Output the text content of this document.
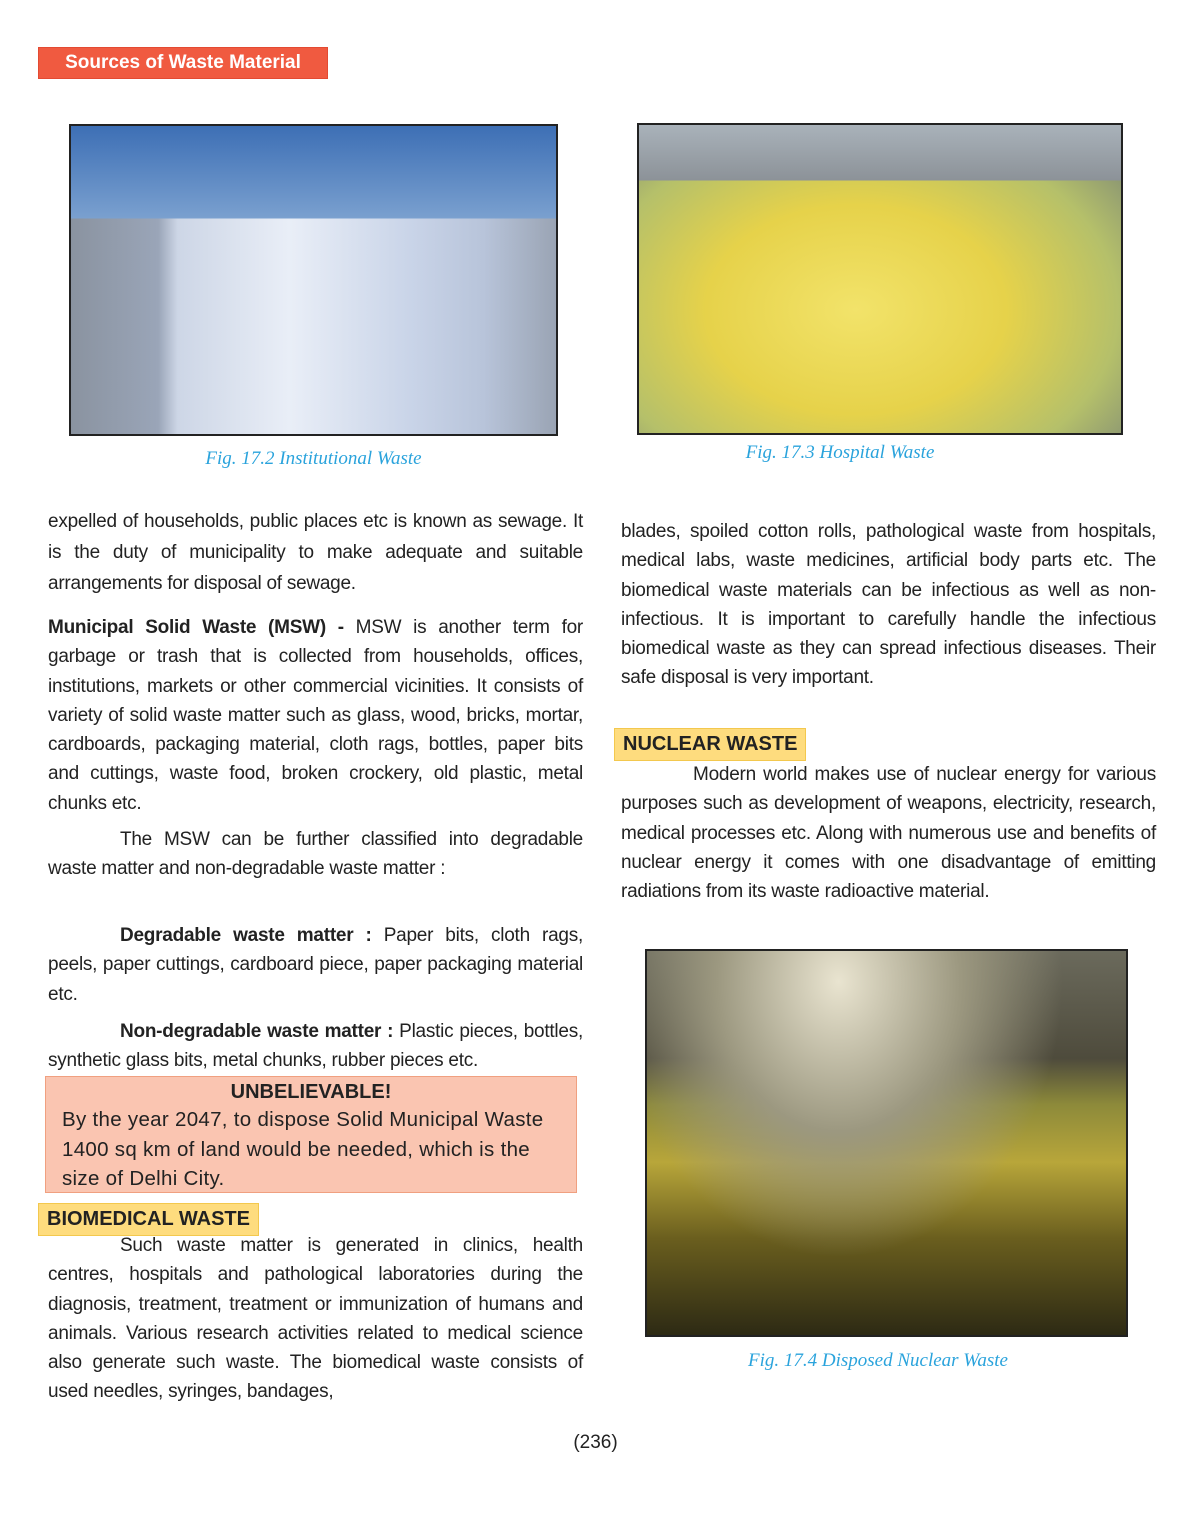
Sources of Waste Material
Fig. 17.2 Institutional Waste	Fig. 17.3 Hospital Waste

expelled of households, public places etc is known as sewage. It is the duty of municipality to make adequate and suitable arrangements for disposal of sewage.

Municipal Solid Waste (MSW) - MSW is another term for garbage or trash that is collected from households, offices, institutions, markets or other commercial vicinities. It consists of variety of solid waste matter such as glass, wood, bricks, mortar, cardboards, packaging material, cloth rags, bottles, paper bits and cuttings, waste food, broken crockery, old plastic, metal chunks etc.

The MSW can be further classified into degradable waste matter and non-degradable waste matter :

Degradable waste matter : Paper bits, cloth rags, peels, paper cuttings, cardboard piece, paper packaging material etc.

Non-degradable waste matter : Plastic pieces, bottles, synthetic glass bits, metal chunks, rubber pieces etc.

UNBELIEVABLE!
By the year 2047, to dispose Solid Municipal Waste 1400 sq km of land would be needed, which is the size of Delhi City.
BIOMEDICAL WASTE

Such waste matter is generated in clinics, health centres, hospitals and pathological laboratories during the diagnosis, treatment, treatment or immunization of humans and animals. Various research activities related to medical science also generate such waste. The biomedical waste consists of used needles, syringes, bandages,

blades, spoiled cotton rolls, pathological waste from hospitals, medical labs, waste medicines, artificial body parts etc. The biomedical waste materials can be infectious as well as non-infectious. It is important to carefully handle the infectious biomedical waste as they can spread infectious diseases. Their safe disposal is very important.

NUCLEAR WASTE

Modern world makes use of nuclear energy for various purposes such as development of weapons, electricity, research, medical processes etc. Along with numerous use and benefits of nuclear energy it comes with one disadvantage of emitting radiations from its waste radioactive material.

Fig. 17.4 Disposed Nuclear Waste
(236)
